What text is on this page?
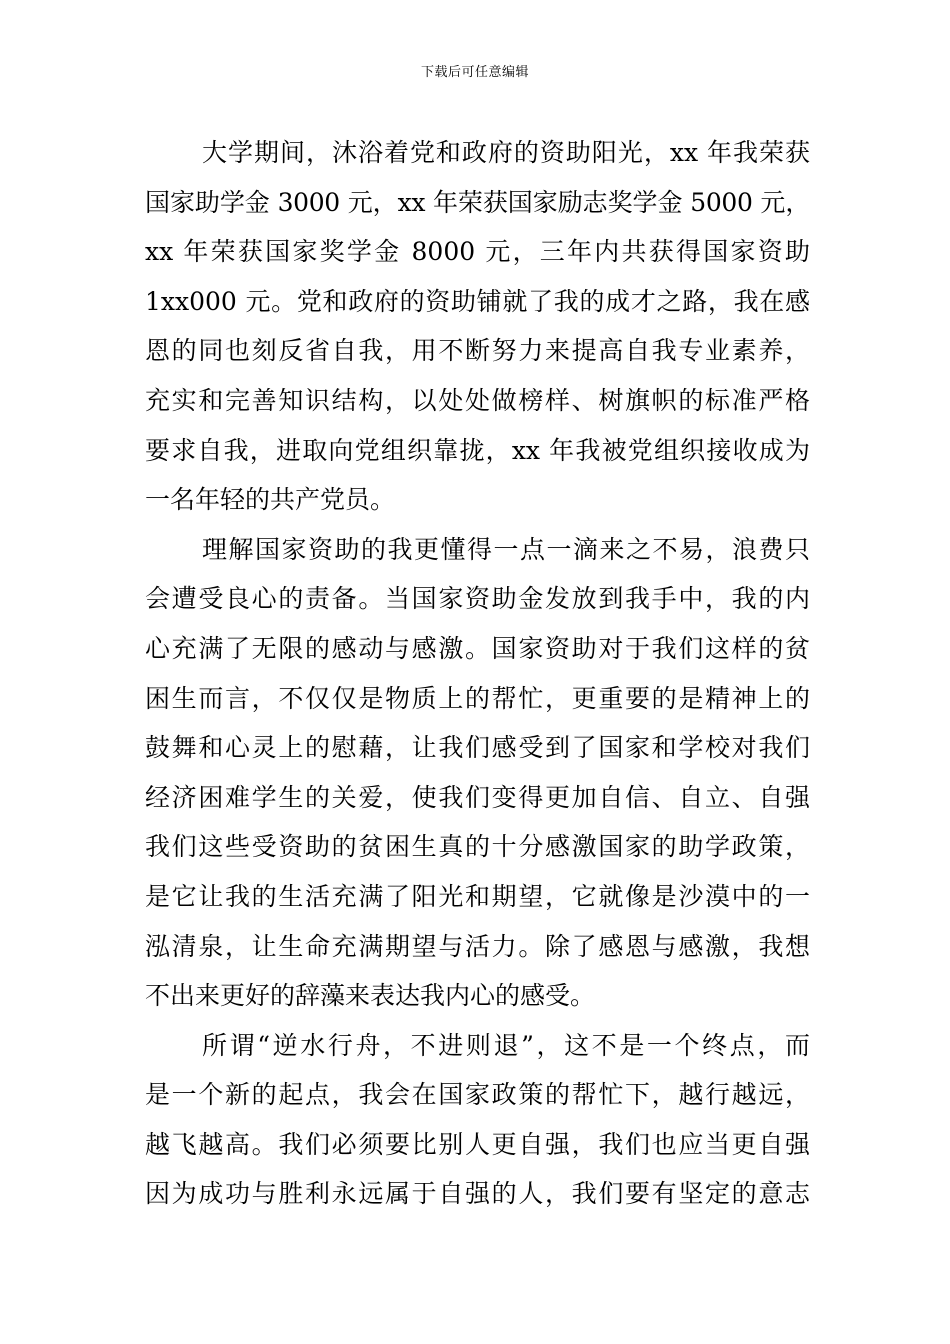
下载后可任意编辑
大学期间，沐浴着党和政府的资助阳光，xx 年我荣获
国家助学金 3000 元，xx 年荣获国家励志奖学金 5000 元，
xx 年荣获国家奖学金 8000 元，三年内共获得国家资助
1xx000 元。党和政府的资助铺就了我的成才之路，我在感
恩的同也刻反省自我，用不断努力来提高自我专业素养，
充实和完善知识结构，以处处做榜样、树旗帜的标准严格
要求自我，进取向党组织靠拢，xx 年我被党组织接收成为
一名年轻的共产党员。
理解国家资助的我更懂得一点一滴来之不易，浪费只
会遭受良心的责备。当国家资助金发放到我手中，我的内
心充满了无限的感动与感激。国家资助对于我们这样的贫
困生而言，不仅仅是物质上的帮忙，更重要的是精神上的
鼓舞和心灵上的慰藉，让我们感受到了国家和学校对我们
经济困难学生的关爱，使我们变得更加自信、自立、自强
我们这些受资助的贫困生真的十分感激国家的助学政策，
是它让我的生活充满了阳光和期望，它就像是沙漠中的一
泓清泉，让生命充满期望与活力。除了感恩与感激，我想
不出来更好的辞藻来表达我内心的感受。
所谓“逆水行舟，不进则退”，这不是一个终点，而
是一个新的起点，我会在国家政策的帮忙下，越行越远，
越飞越高。我们必须要比别人更自强，我们也应当更自强
因为成功与胜利永远属于自强的人，我们要有坚定的意志
